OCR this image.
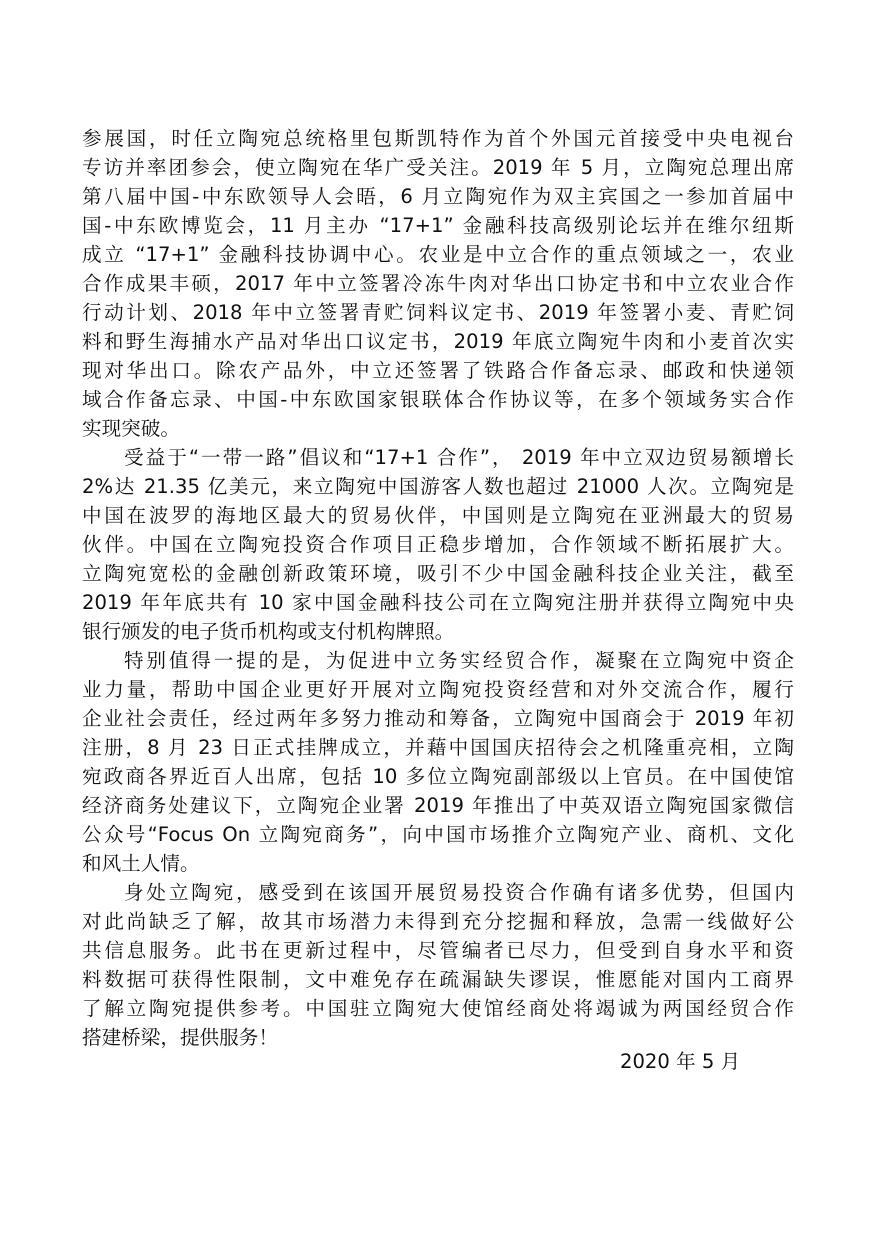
参展国，时任立陶宛总统格里包斯凯特作为首个外国元首接受中央电视台
专访并率团参会，使立陶宛在华广受关注。2019 年 5 月，立陶宛总理出席
第八届中国-中东欧领导人会晤，6 月立陶宛作为双主宾国之一参加首届中
国-中东欧博览会，11 月主办 “17+1” 金融科技高级别论坛并在维尔纽斯
成立 “17+1” 金融科技协调中心。农业是中立合作的重点领域之一，农业
合作成果丰硕，2017 年中立签署冷冻牛肉对华出口协定书和中立农业合作
行动计划、2018 年中立签署青贮饲料议定书、2019 年签署小麦、青贮饲
料和野生海捕水产品对华出口议定书，2019 年底立陶宛牛肉和小麦首次实
现对华出口。除农产品外，中立还签署了铁路合作备忘录、邮政和快递领
域合作备忘录、中国-中东欧国家银联体合作协议等，在多个领域务实合作
实现突破。
受益于“一带一路”倡议和“17+1 合作”， 2019 年中立双边贸易额增长
2%达 21.35 亿美元，来立陶宛中国游客人数也超过 21000 人次。立陶宛是
中国在波罗的海地区最大的贸易伙伴，中国则是立陶宛在亚洲最大的贸易
伙伴。中国在立陶宛投资合作项目正稳步增加，合作领域不断拓展扩大。
立陶宛宽松的金融创新政策环境，吸引不少中国金融科技企业关注，截至
2019 年年底共有 10 家中国金融科技公司在立陶宛注册并获得立陶宛中央
银行颁发的电子货币机构或支付机构牌照。
特别值得一提的是，为促进中立务实经贸合作，凝聚在立陶宛中资企
业力量，帮助中国企业更好开展对立陶宛投资经营和对外交流合作，履行
企业社会责任，经过两年多努力推动和筹备，立陶宛中国商会于 2019 年初
注册，8 月 23 日正式挂牌成立，并藉中国国庆招待会之机隆重亮相，立陶
宛政商各界近百人出席，包括 10 多位立陶宛副部级以上官员。在中国使馆
经济商务处建议下，立陶宛企业署 2019 年推出了中英双语立陶宛国家微信
公众号“Focus On 立陶宛商务”，向中国市场推介立陶宛产业、商机、文化
和风土人情。
身处立陶宛，感受到在该国开展贸易投资合作确有诸多优势，但国内
对此尚缺乏了解，故其市场潜力未得到充分挖掘和释放，急需一线做好公
共信息服务。此书在更新过程中，尽管编者已尽力，但受到自身水平和资
料数据可获得性限制，文中难免存在疏漏缺失谬误，惟愿能对国内工商界
了解立陶宛提供参考。中国驻立陶宛大使馆经商处将竭诚为两国经贸合作
搭建桥梁，提供服务！
2020 年 5 月
